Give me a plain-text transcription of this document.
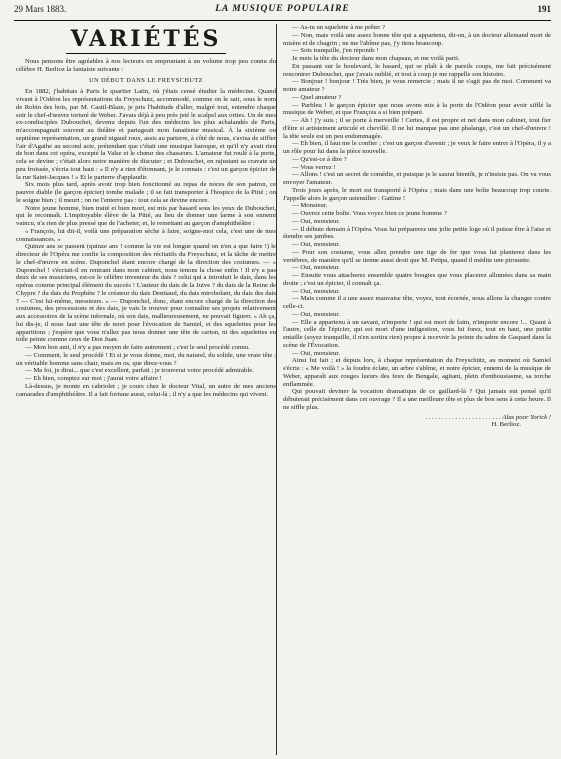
29 Mars 1883.	LA MUSIQUE POPULAIRE	191
VARIÉTÉS

Nous pensons être agréables à nos lecteurs en empruntant à un volume trop peu connu du célèbre H. Berlioz la fantaisie suivante :

UN DÉBUT DANS LE FREYSCHUTZ

En 1882, j'habitais à Paris le quartier Latin, où j'étais censé étudier la médecine. Quand vivant à l'Odéon les représentations du Freyschutz, accommodé, comme on le sait, sous le nom de Robin des bois, par M. Castil-Blaze, je pris l'habitude d'aller, malgré tout, entendre chaque soir le chef-d'œuvre torturé de Weber. J'avais déjà à peu près jeté le scalpel aux orties. Un de mes ex-condisciples Dubouchet, devenu depuis l'un des médecins les plus achalandés de Paris, m'accompagnait souvent au théâtre et partageait mon fanatisme musical. À la sixième ou septième représentation, un grand nigaud roux, assis au parterre, à côté de nous, s'avisa de siffler l'air d'Agathe au second acte, prétendant que c'était une musique baroque, et qu'il n'y avait rien de bon dans cet opéra, excepté la Valse et le chœur des chasseurs. L'amateur fut roulé à la porte, cela se devine ; c'était alors notre manière de discuter ; et Dubouchet, en rajustant sa cravate un peu froissée, s'écria tout haut : « Il n'y a rien d'étonnant, je le connais : c'est un garçon épicier de la rue Saint-Jacques ! » Et le parterre d'applaudir.

Six mois plus tard, après avoir trop bien fonctionné au repas de noces de son patron, ce pauvre diable (le garçon épicier) tombe malade ; il se fait transporter à l'hospice de la Pitié ; on le soigne bien ; il meurt ; on ne l'enterre pas : tout cela se devine encore.

Notre jeune homme, bien traité et bien mort, est mis par hasard sous les yeux de Dubouchet, qui le reconnaît. L'impitoyable élève de la Pitié, au lieu de donner une larme à son ennemi vaincu, n'a rien de plus pressé que de l'acheter, et, le remettant au garçon d'amphithéâtre :

« François, lui dit-il, voilà une préparation sèche à faire, soigne-moi cela, c'est une de mes connaissances. »

Quinze ans se passent (quinze ans ! comme la vie est longue quand on n'en a que faire !) le directeur de l'Opéra me confie la composition des récitatifs du Freyschutz, et la tâche de mettre le chef-d'œuvre en scène. Duponchel étant encore chargé de la direction des costumes. — « Duponchel ! s'écriait-il en rentrant dans mon cabinet, nous tenons la chose enfin ! Il n'y a pas deux de ses musiciens, est-ce le célèbre inventeur du dais ? celui qui a introduit le dais, dans les opéras comme principal élément du succès ! L'auteur du dais de la Juive ? du dais de la Reine de Chypre ? du dais du Prophète ? le créateur du dais Dentiaud, du dais mirobolant, du dais des dais ? — C'est lui-même, messieurs. » — Duponchel, donc, étant encore chargé de la direction des costumes, des processions et des dais, je vais le trouver pour connaître ses projets relativement aux accessoires de la scène infernale, où son dais, malheureusement, ne pouvait figurer. « Ah ça, lui dis-je, il nous faut une tête de mort pour l'évocation de Samiel, et des squelettes pour les apparitions ; j'espère que vous n'allez pas nous donner une tête de carton, ni des squelettes en toile peinte comme ceux de Don Juan.

— Mon bon ami, il n'y a pas moyen de faire autrement ; c'est le seul procédé connu.

— Comment, le seul procédé ! Et si je vous donne, moi, du naturel, du solide, une vraie tête ; un véritable homme sans chair, mais en os, que direz-vous ?

— Ma foi, je dirai... que c'est excellent, parfait ; je trouverai votre procédé admirable.

— Eh bien, comptez sur moi ; j'aurai votre affaire !

Là-dessus, je monte en cabriolet ; je cours chez le docteur Vital, un autre de mes anciens camarades d'amphithéâtre. Il a fait fortune aussi, celui-là ; il n'y a que les médecins qui vivent.

— As-tu un squelette à me prêter ?

— Non, mais voilà une assez bonne tête qui a appartenu, dit-on, à un docteur allemand mort de misère et de chagrin ; ne me l'abîme pas, j'y tiens beaucoup.

— Sois tranquille, j'en réponds !

Je mets la tête du docteur dans mon chapeau, et me voilà parti.

En passant sur le boulevard, le hasard, qui se plaît à de pareils coups, me fait précisément rencontrer Dubouchet, que j'avais oublié, et tout à coup je me rappelle son histoire.

— Bonjour ! bonjour ! Très bien, je vous remercie ; mais il ne s'agit pas de moi. Comment va notre amateur ?

— Quel amateur ?

— Parbleu ! le garçon épicier que nous avons mis à la porte de l'Odéon pour avoir sifflé la musique de Weber, et que François a si bien préparé.

— Ah ! j'y suis ; il se porte à merveille ! Certes, il est propre et net dans mon cabinet, tout fier d'être si artistement articulé et chevillé. Il ne lui manque pas une phalange, c'est un chef-d'œuvre ! la tête seule est un peu endommagée.

— Eh bien, il faut me le confier ; c'est un garçon d'avenir ; je veux le faire entrer à l'Opéra, il y a un rôle pour lui dans la pièce nouvelle.

— Qu'est-ce à dire ?

— Vous verrez !

— Allons ! c'est un secret de comédie, et puisque je le saurai bientôt, je n'insiste pas. On va vous envoyer l'amateur.

Trois jours après, le mort est transporté à l'Opéra ; mais dans une boîte beaucoup trop courte. J'appelle alors le garçon ustensilier : Gattine !

— Monsieur.

— Ouvrez cette boîte. Vous voyez bien ce jeune homme ?

— Oui, monsieur.

— Il débute demain à l'Opéra. Vous lui préparerez une jolie petite loge où il puisse être à l'aise et étendre ses jambes.

— Oui, monsieur.

— Pour son costume, vous allez prendre une tige de fer que vous lui planterez dans les vertèbres, de manière qu'il se tienne aussi droit que M. Petipa, quand il médite une pirouette.

— Oui, monsieur.

— Ensuite vous attacherez ensemble quatre bougies que vous placerez allumées dans sa main droite ; c'est un épicier, il connaît ça.

— Oui, monsieur.

— Mais comme il a une assez mauvaise tête, voyez, tout écornée, nous allons la changer contre celle-ci.

— Oui, monsieur.

— Elle a appartenu à un savant, n'importe ! qui est mort de faim, n'importe encore !... Quant à l'autre, celle de l'épicier, qui est mort d'une indigestion, vous lui forez, tout en haut, une petite entaille (soyez tranquille, il n'en sortira rien) propre à recevoir la pointe du sabre de Gaspard dans la scène de l'Évocation.

— Oui, monsieur.

Ainsi fut fait ; et depuis lors, à chaque représentation du Freyschütz, au moment où Samiel s'écrie : « Me voilà ! » la foudre éclate, un arbre s'abîme, et notre épicier, ennemi de la musique de Weber, apparaît aux rouges lueurs des feux de Bengale, agitant, plein d'enthousiasme, sa torche enflammée.

Qui pouvait deviner la vocation dramatique de ce gaillard-là ? Qui jamais eut pensé qu'il débuterait précisément dans cet ouvrage ? Il a une meilleure tête et plus de bon sens à cette heure. Il ne siffle plus.

. . . . . . . . . . . . . . . . . . . . . . . Alas poor Yorick !
H. Berlioz.
